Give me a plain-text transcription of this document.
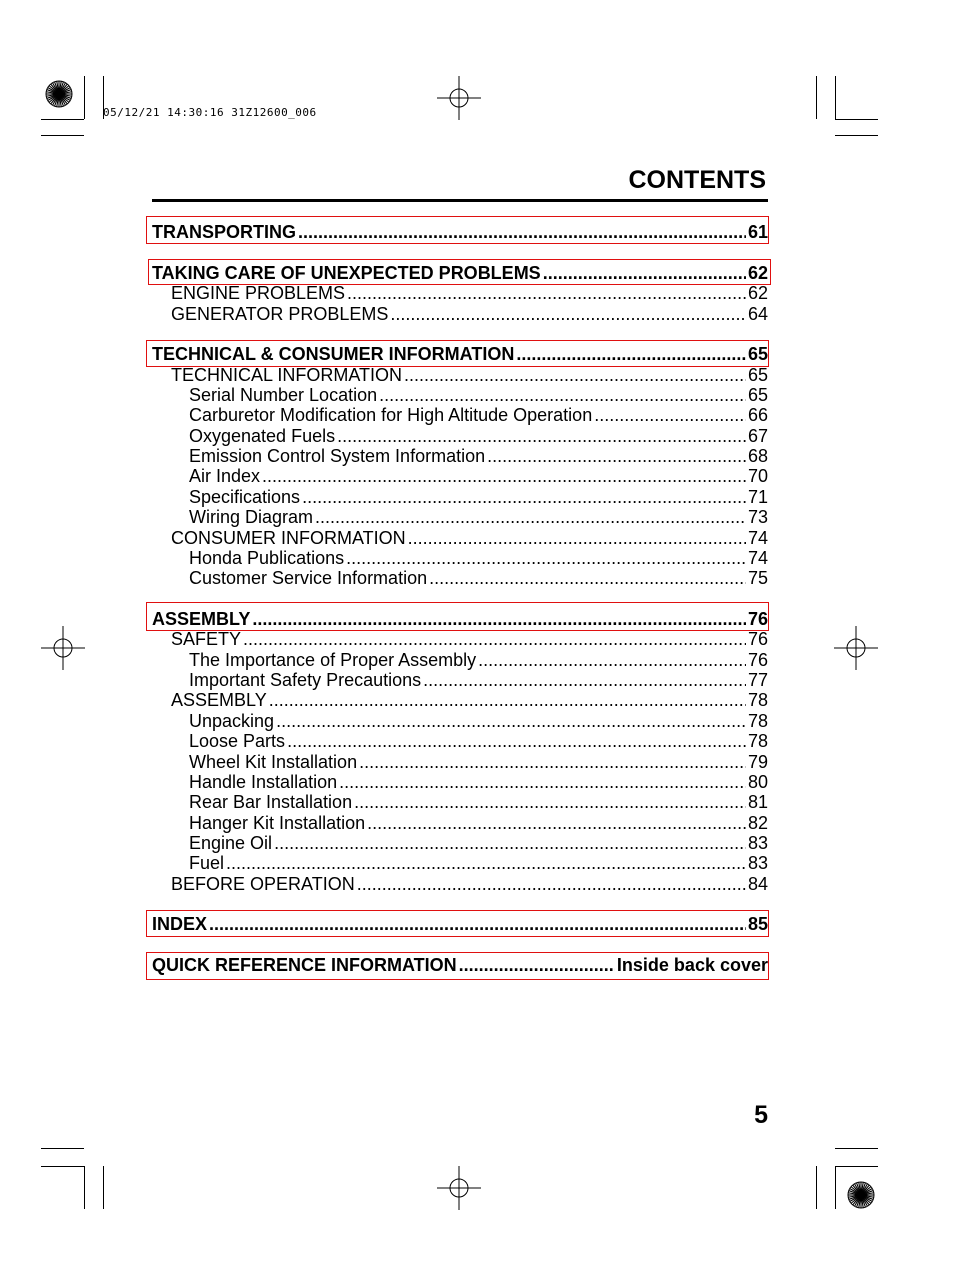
05/12/21 14:30:16 31Z12600_006
CONTENTS
TRANSPORTING .....	61
TAKING CARE OF UNEXPECTED PROBLEMS .....	62
ENGINE PROBLEMS .....	62
GENERATOR PROBLEMS .....	64
TECHNICAL & CONSUMER INFORMATION .....	65
TECHNICAL INFORMATION .....	65
Serial Number Location .....	65
Carburetor Modification for High Altitude Operation .....	66
Oxygenated Fuels .....	67
Emission Control System Information .....	68
Air Index .....	70
Specifications .....	71
Wiring Diagram .....	73
CONSUMER INFORMATION .....	74
Honda Publications .....	74
Customer Service Information .....	75
ASSEMBLY .....	76
SAFETY .....	76
The Importance of Proper Assembly .....	76
Important Safety Precautions .....	77
ASSEMBLY .....	78
Unpacking .....	78
Loose Parts .....	78
Wheel Kit Installation .....	79
Handle Installation .....	80
Rear Bar Installation .....	81
Hanger Kit Installation .....	82
Engine Oil .....	83
Fuel .....	83
BEFORE OPERATION .....	84
INDEX .....	85
QUICK REFERENCE INFORMATION .....	Inside back cover
5
